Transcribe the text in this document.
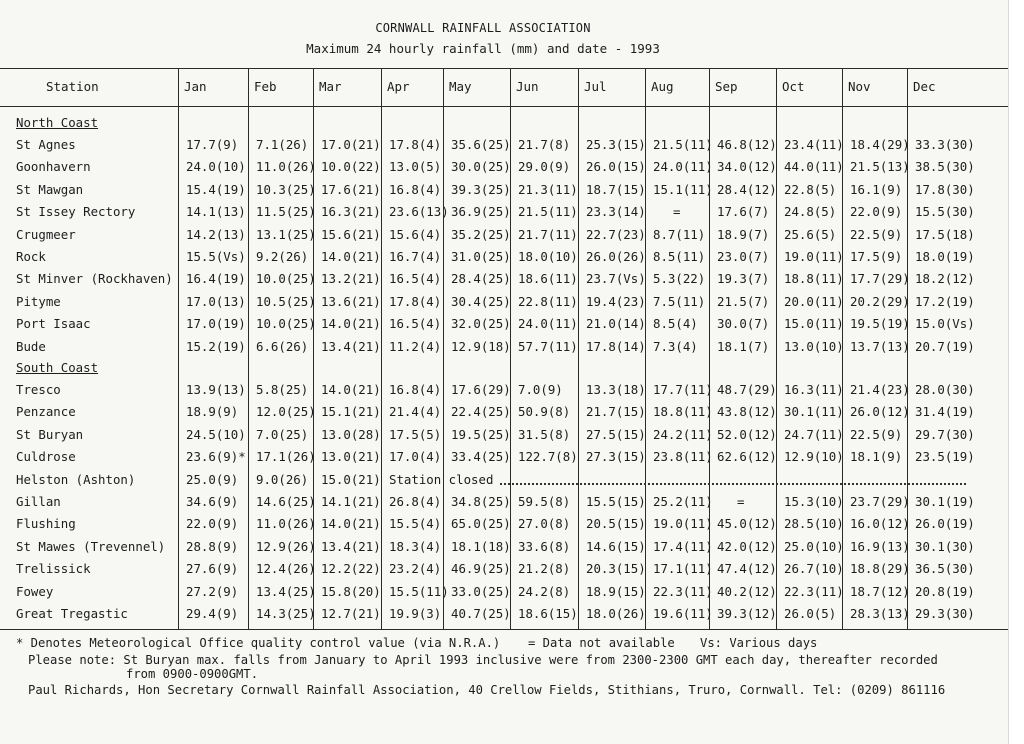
CORNWALL RAINFALL ASSOCIATION
Maximum 24 hourly rainfall (mm) and date - 1993
Station	Jan	Feb	Mar	Apr	May	Jun	Jul	Aug	Sep	Oct	Nov	Dec
North Coast
South Coast
St Agnes	17.7(9) 7.1(26) 17.0(21) 17.8(4) 35.6(25) 21.7(8) 25.3(15) 21.5(11) 46.8(12) 23.4(11) 18.4(29) 33.3(30)
Goonhavern	24.0(10) 11.0(26) 10.0(22) 13.0(5) 30.0(25) 29.0(9) 26.0(15) 24.0(11) 34.0(12) 44.0(11) 21.5(13) 38.5(30)
St Mawgan	15.4(19) 10.3(25) 17.6(21) 16.8(4) 39.3(25) 21.3(11) 18.7(15) 15.1(11) 28.4(12) 22.8(5) 16.1(9) 17.8(30)
St Issey Rectory	14.1(13) 11.5(25) 16.3(21) 23.6(13) 36.9(25) 21.5(11) 23.3(14) =	17.6(7) 24.8(5) 22.0(9) 15.5(30)
Crugmeer	14.2(13) 13.1(25) 15.6(21) 15.6(4) 35.2(25) 21.7(11) 22.7(23) 8.7(11) 18.9(7) 25.6(5) 22.5(9) 17.5(18)
Rock	15.5(Vs) 9.2(26) 14.0(21) 16.7(4) 31.0(25) 18.0(10) 26.0(26) 8.5(11) 23.0(7) 19.0(11) 17.5(9) 18.0(19)
St Minver (Rockhaven) 16.4(19) 10.0(25) 13.2(21) 16.5(4) 28.4(25) 18.6(11) 23.7(Vs) 5.3(22) 19.3(7) 18.8(11) 17.7(29) 18.2(12)
Pityme	17.0(13) 10.5(25) 13.6(21) 17.8(4) 30.4(25) 22.8(11) 19.4(23) 7.5(11) 21.5(7) 20.0(11) 20.2(29) 17.2(19)
Port Isaac	17.0(19) 10.0(25) 14.0(21) 16.5(4) 32.0(25) 24.0(11) 21.0(14) 8.5(4) 30.0(7) 15.0(11) 19.5(19) 15.0(Vs)
Bude	15.2(19) 6.6(26) 13.4(21) 11.2(4) 12.9(18) 57.7(11) 17.8(14) 7.3(4) 18.1(7) 13.0(10) 13.7(13) 20.7(19)
Tresco	13.9(13) 5.8(25) 14.0(21) 16.8(4) 17.6(29) 7.0(9) 13.3(18) 17.7(11) 48.7(29) 16.3(11) 21.4(23) 28.0(30)
Penzance	18.9(9) 12.0(25) 15.1(21) 21.4(4) 22.4(25) 50.9(8) 21.7(15) 18.8(11) 43.8(12) 30.1(11) 26.0(12) 31.4(19)
St Buryan	24.5(10) 7.0(25) 13.0(28) 17.5(5) 19.5(25) 31.5(8) 27.5(15) 24.2(11) 52.0(12) 24.7(11) 22.5(9) 29.7(30)
Culdrose	23.6(9)* 17.1(26) 13.0(21) 17.0(4) 33.4(25) 122.7(8) 27.3(15) 23.8(11) 62.6(12) 12.9(10) 18.1(9) 23.5(19)
Helston (Ashton)	25.0(9) 9.0(26) 15.0(21) Station closed
Gillan	34.6(9) 14.6(25) 14.1(21) 26.8(4) 34.8(25) 59.5(8) 15.5(15) 25.2(11) =	15.3(10) 23.7(29) 30.1(19)
Flushing	22.0(9) 11.0(26) 14.0(21) 15.5(4) 65.0(25) 27.0(8) 20.5(15) 19.0(11) 45.0(12) 28.5(10) 16.0(12) 26.0(19)
St Mawes (Trevennel) 28.8(9) 12.9(26) 13.4(21) 18.3(4) 18.1(18) 33.6(8) 14.6(15) 17.4(11) 42.0(12) 25.0(10) 16.9(13) 30.1(30)
Trelissick	27.6(9) 12.4(26) 12.2(22) 23.2(4) 46.9(25) 21.2(8) 20.3(15) 17.1(11) 47.4(12) 26.7(10) 18.8(29) 36.5(30)
Fowey	27.2(9) 13.4(25) 15.8(20) 15.5(11) 33.0(25) 24.2(8) 18.9(15) 22.3(11) 40.2(12) 22.3(11) 18.7(12) 20.8(19)
Great Tregastic	29.4(9) 14.3(25) 12.7(21) 19.9(3) 40.7(25) 18.6(15) 18.0(26) 19.6(11) 39.3(12) 26.0(5) 28.3(13) 29.3(30)
* Denotes Meteorological Office quality control value (via N.R.A.) = Data not available Vs: Various days
Please note: St Buryan max. falls from January to April 1993 inclusive were from 2300-2300 GMT each day, thereafter recorded
from 0900-0900GMT.
Paul Richards, Hon Secretary Cornwall Rainfall Association, 40 Crellow Fields, Stithians, Truro, Cornwall. Tel: (0209) 861116
